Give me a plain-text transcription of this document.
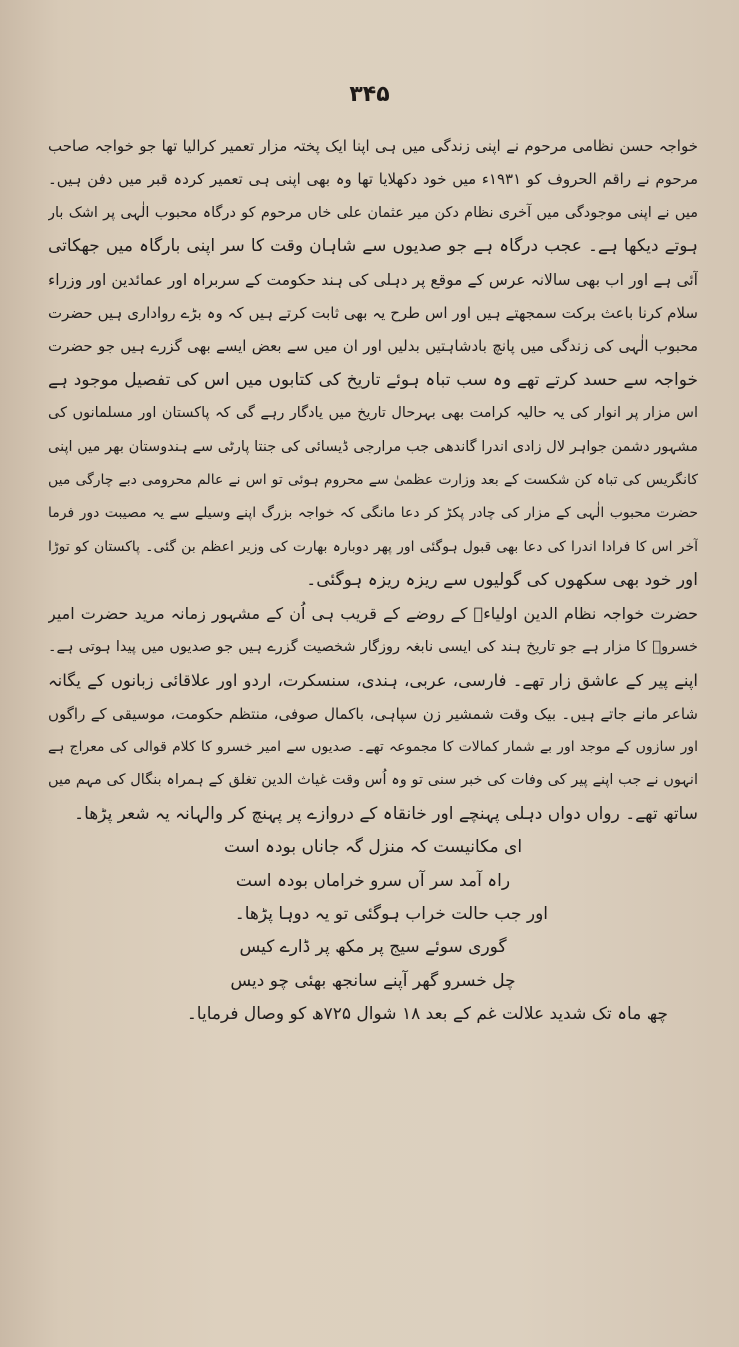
۳۴۵
خواجہ حسن نظامی مرحوم نے اپنی زندگی میں ہی اپنا ایک پختہ مزار تعمیر کرالیا تھا جو خواجہ صاحب
مرحوم نے راقم الحروف کو ۱۹۳۱ء میں خود دکھلایا تھا وہ بھی اپنی ہی تعمیر کردہ قبر میں دفن ہیں۔
میں نے اپنی موجودگی میں آخری نظام دکن میر عثمان علی خاں مرحوم کو درگاہ محبوب الٰہی پر اشک بار
ہوتے دیکھا ہے۔ عجب درگاہ ہے جو صدیوں سے شاہان وقت کا سر اپنی بارگاہ میں جھکاتی
آئی ہے اور اب بھی سالانہ عرس کے موقع پر دہلی کی ہند حکومت کے سربراہ اور عمائدین اور وزراء
سلام کرنا باعث برکت سمجھتے ہیں اور اس طرح یہ بھی ثابت کرتے ہیں کہ وہ بڑے رواداری ہیں حضرت
محبوب الٰہی کی زندگی میں پانچ بادشاہتیں بدلیں اور ان میں سے بعض ایسے بھی گزرے ہیں جو حضرت
خواجہ سے حسد کرتے تھے وہ سب تباہ ہوئے تاریخ کی کتابوں میں اس کی تفصیل موجود ہے
اس مزار پر انوار کی یہ حالیہ کرامت بھی بہرحال تاریخ میں یادگار رہے گی کہ پاکستان اور مسلمانوں کی
مشہور دشمن جواہر لال زادی اندرا گاندھی جب مرارجی ڈیسائی کی جنتا پارٹی سے ہندوستان بھر میں اپنی
کانگریس کی تباہ کن شکست کے بعد وزارت عظمیٰ سے محروم ہوئی تو اس نے عالم محرومی دبے چارگی میں
حضرت محبوب الٰہی کے مزار کی چادر پکڑ کر دعا مانگی کہ خواجہ بزرگ اپنے وسیلے سے یہ مصیبت دور فرما
آخر اس کا فرادا اندرا کی دعا بھی قبول ہوگئی اور پھر دوبارہ بھارت کی وزیر اعظم بن گئی۔ پاکستان کو توڑا
اور خود بھی سکھوں کی گولیوں سے ریزہ ریزہ ہوگئی۔
حضرت خواجہ نظام الدین اولیاءؒ کے روضے کے قریب ہی اُن کے مشہور زمانہ مرید حضرت امیر
خسروؒ کا مزار ہے جو تاریخ ہند کی ایسی نابغہ روزگار شخصیت گزرے ہیں جو صدیوں میں پیدا ہوتی ہے۔
اپنے پیر کے عاشق زار تھے۔ فارسی، عربی، ہندی، سنسکرت، اردو اور علاقائی زبانوں کے یگانہ
شاعر مانے جاتے ہیں۔ بیک وقت شمشیر زن سپاہی، باکمال صوفی، منتظم حکومت، موسیقی کے راگوں
اور سازوں کے موجد اور بے شمار کمالات کا مجموعہ تھے۔ صدیوں سے امیر خسرو کا کلام قوالی کی معراج ہے
انہوں نے جب اپنے پیر کی وفات کی خبر سنی تو وہ اُس وقت غیاث الدین تغلق کے ہمراہ بنگال کی مہم میں
ساتھ تھے۔ رواں دواں دہلی پہنچے اور خانقاہ کے دروازے پر پہنچ کر والہانہ یہ شعر پڑھا۔
ای مکانیست کہ منزل گہ جاناں بودہ است
راہ آمد سر آں سرو خراماں بودہ است
اور جب حالت خراب ہوگئی تو یہ دوہا پڑھا۔
گوری سوئے سیج پر مکھ پر ڈارے کیس
چل خسرو گھر آپنے سانجھ بھئی چو دیس
چھ ماہ تک شدید علالت غم کے بعد ۱۸ شوال ۷۲۵ھ کو وصال فرمایا۔
